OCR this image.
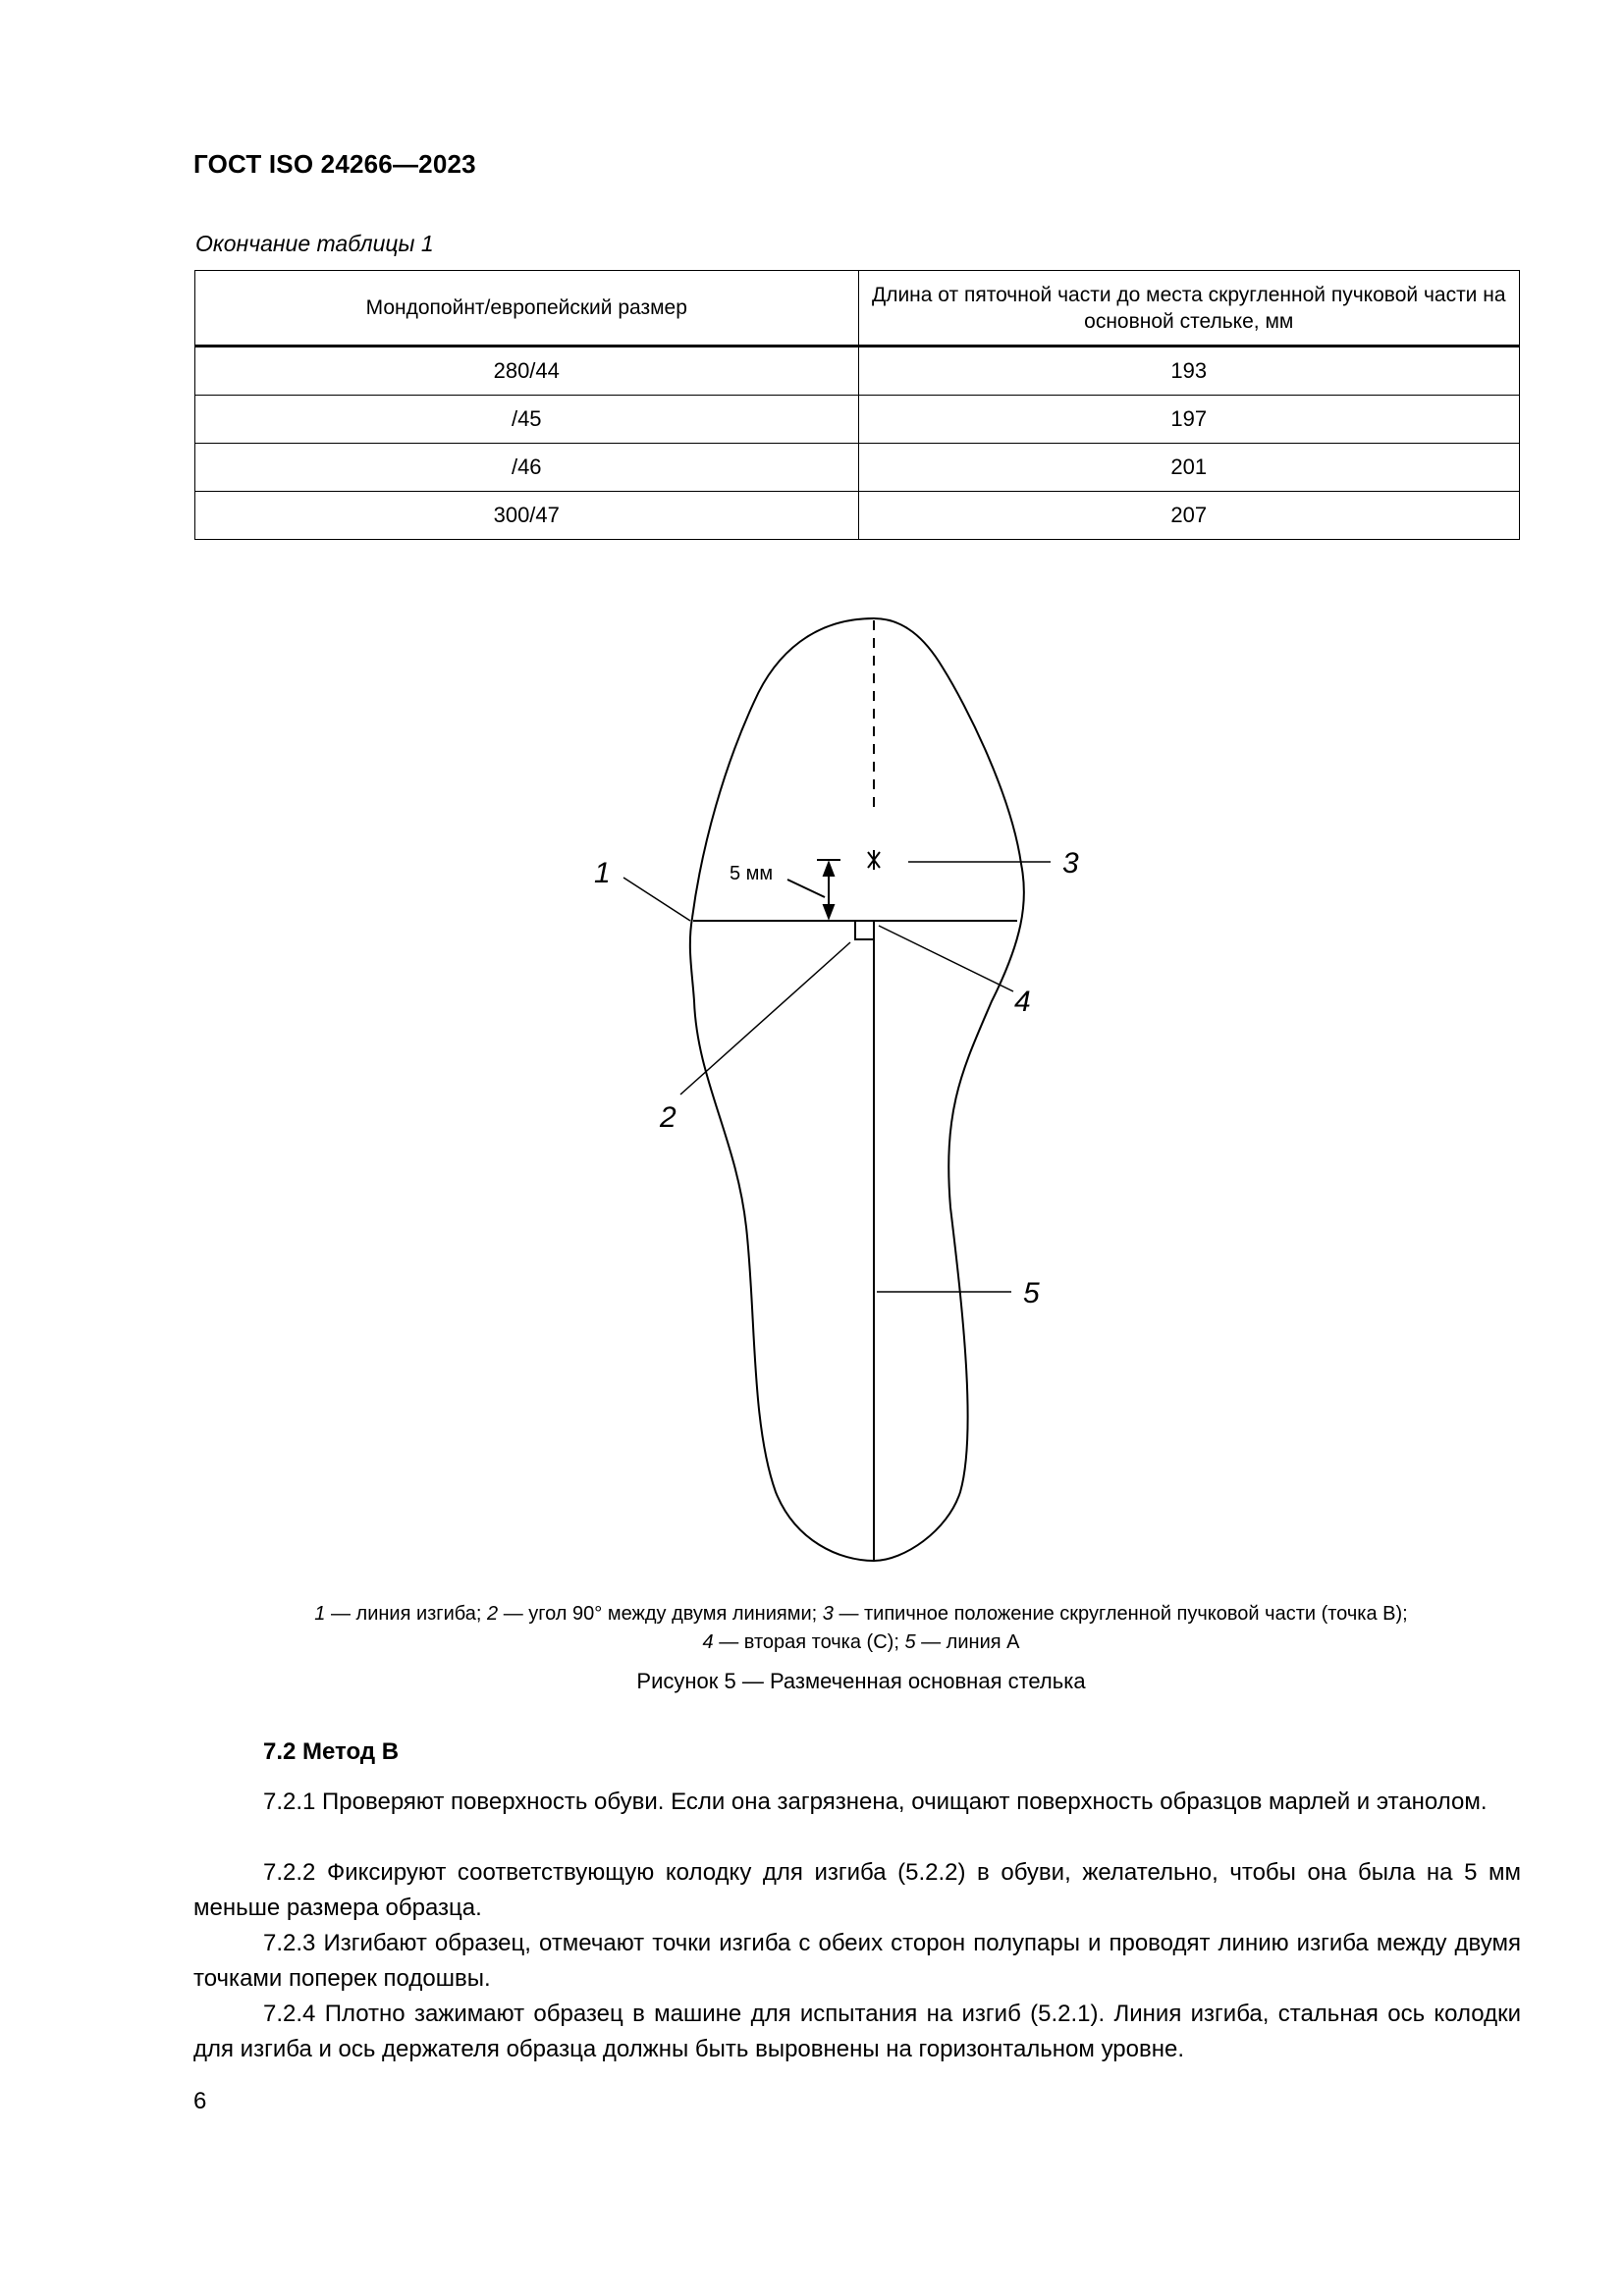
ГОСТ ISO 24266—2023
Окончание таблицы 1
Мондопойнт/европейский размер	Длина от пяточной части до места скругленной пучковой части на основной стельке, мм
280/44	193
/45	197
/46	201
300/47	207
5 мм
1
2
3
4
5
1 — линия изгиба; 2 — угол 90° между двумя линиями; 3 — типичное положение скругленной пучковой части (точка В);
4 — вторая точка (С); 5 — линия А
Рисунок 5 — Размеченная основная стелька
7.2 Метод В
7.2.1 Проверяют поверхность обуви. Если она загрязнена, очищают поверхность образцов марлей и этанолом.
7.2.2 Фиксируют соответствующую колодку для изгиба (5.2.2) в обуви, желательно, чтобы она была на 5 мм меньше размера образца.
7.2.3 Изгибают образец, отмечают точки изгиба с обеих сторон полупары и проводят линию изгиба между двумя точками поперек подошвы.
7.2.4 Плотно зажимают образец в машине для испытания на изгиб (5.2.1). Линия изгиба, стальная ось колодки для изгиба и ось держателя образца должны быть выровнены на горизонтальном уровне.
6
